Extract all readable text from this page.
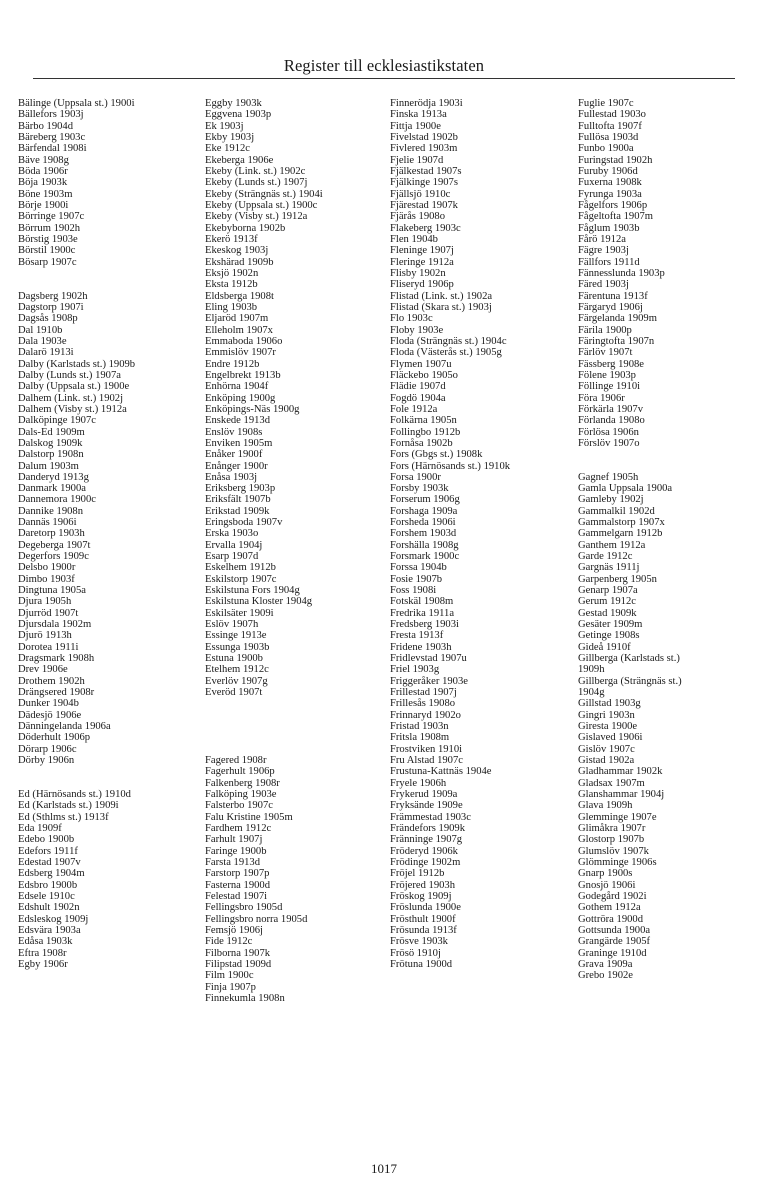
Register till ecklesiastikstaten
Bälinge (Uppsala st.) 1900i
Bällefors 1903j
Bärbo 1904d
Bäreberg 1903c
Bärfendal 1908i
Bäve 1908g
Böda 1906r
Böja 1903k
Böne 1903m
Börje 1900i
Börringe 1907c
Börrum 1902h
Börstig 1903e
Börstil 1900c
Bösarp 1907c
Dagsberg 1902h
Dagstorp 1907i
Dagsås 1908p
Dal 1910b
Dala 1903e
Dalarö 1913i
Dalby (Karlstads st.) 1909b
Dalby (Lunds st.) 1907a
Dalby (Uppsala st.) 1900e
Dalhem (Link. st.) 1902j
Dalhem (Visby st.) 1912a
Dalköpinge 1907c
Dals-Ed 1909m
Dalskog 1909k
Dalstorp 1908n
Dalum 1903m
Danderyd 1913g
Danmark 1900a
Dannemora 1900c
Dannike 1908n
Dannäs 1906i
Daretorp 1903h
Degeberga 1907t
Degerfors 1909c
Delsbo 1900r
Dimbo 1903f
Dingtuna 1905a
Djura 1905h
Djurröd 1907t
Djursdala 1902m
Djurö 1913h
Dorotea 1911i
Dragsmark 1908h
Drev 1906e
Drothem 1902h
Drängsered 1908r
Dunker 1904b
Dädesjö 1906e
Dänningelanda 1906a
Döderhult 1906p
Dörarp 1906c
Dörby 1906n
Ed (Härnösands st.) 1910d
Ed (Karlstads st.) 1909i
Ed (Sthlms st.) 1913f
Eda 1909f
Edebo 1900b
Edefors 1911f
Edestad 1907v
Edsberg 1904m
Edsbro 1900b
Edsele 1910c
Edshult 1902n
Edsleskog 1909j
Edsvära 1903a
Edåsa 1903k
Eftra 1908r
Egby 1906r
Eggby 1903k
Eggvena 1903p
Ek 1903j
Ekby 1903j
Eke 1912c
Ekeberga 1906e
Ekeby (Link. st.) 1902c
Ekeby (Lunds st.) 1907j
Ekeby (Strängnäs st.) 1904i
Ekeby (Uppsala st.) 1900c
Ekeby (Visby st.) 1912a
Ekebyborna 1902b
Ekerö 1913f
Ekeskog 1903j
Ekshärad 1909b
Eksjö 1902n
Eksta 1912b
Eldsberga 1908t
Eling 1903b
Eljaröd 1907m
Elleholm 1907x
Emmaboda 1906o
Emmislöv 1907r
Endre 1912b
Engelbrekt 1913b
Enhörna 1904f
Enköping 1900g
Enköpings-Näs 1900g
Enskede 1913d
Enslöv 1908s
Enviken 1905m
Enåker 1900f
Enånger 1900r
Enåsa 1903j
Eriksberg 1903p
Eriksfält 1907b
Erikstad 1909k
Eringsboda 1907v
Erska 1903o
Ervalla 1904j
Esarp 1907d
Eskelhem 1912b
Eskilstorp 1907c
Eskilstuna Fors 1904g
Eskilstuna Kloster 1904g
Eskilsäter 1909i
Eslöv 1907h
Essinge 1913e
Essunga 1903b
Estuna 1900b
Etelhem 1912c
Everlöv 1907g
Everöd 1907t
Fagered 1908r
Fagerhult 1906p
Falkenberg 1908r
Falköping 1903e
Falsterbo 1907c
Falu Kristine 1905m
Fardhem 1912c
Farhult 1907j
Faringe 1900b
Farsta 1913d
Farstorp 1907p
Fasterna 1900d
Felestad 1907i
Fellingsbro 1905d
Fellingsbro norra 1905d
Femsjö 1906j
Fide 1912c
Filborna 1907k
Filipstad 1909d
Film 1900c
Finja 1907p
Finnekumla 1908n
Finnerödja 1903i
Finska 1913a
Fittja 1900e
Fivelstad 1902b
Fivlered 1903m
Fjelie 1907d
Fjälkestad 1907s
Fjälkinge 1907s
Fjällsjö 1910c
Fjärestad 1907k
Fjärås 1908o
Flakeberg 1903c
Flen 1904b
Fleninge 1907j
Fleringe 1912a
Flisby 1902n
Fliseryd 1906p
Flistad (Link. st.) 1902a
Flistad (Skara st.) 1903j
Flo 1903c
Floby 1903e
Floda (Strängnäs st.) 1904c
Floda (Västerås st.) 1905g
Flymen 1907u
Fläckebo 1905o
Flädie 1907d
Fogdö 1904a
Fole 1912a
Folkärna 1905n
Follingbo 1912b
Fornåsa 1902b
Fors (Gbgs st.) 1908k
Fors (Härnösands st.) 1910k
Forsa 1900r
Forsby 1903k
Forserum 1906g
Forshaga 1909a
Forsheda 1906i
Forshem 1903d
Forshälla 1908g
Forsmark 1900c
Forssa 1904b
Fosie 1907b
Foss 1908i
Fotskäl 1908m
Fredrika 1911a
Fredsberg 1903i
Fresta 1913f
Fridene 1903h
Fridlevstad 1907u
Friel 1903g
Friggeråker 1903e
Frillestad 1907j
Frillesås 1908o
Frinnaryd 1902o
Fristad 1903n
Fritsla 1908m
Frostviken 1910i
Fru Alstad 1907c
Frustuna-Kattnäs 1904e
Fryele 1906h
Frykerud 1909a
Fryksände 1909e
Främmestad 1903c
Frändefors 1909k
Fränninge 1907g
Fröderyd 1906k
Frödinge 1902m
Fröjel 1912b
Fröjered 1903h
Fröskog 1909j
Fröslunda 1900e
Frösthult 1900f
Frösunda 1913f
Frösve 1903k
Frösö 1910j
Frötuna 1900d
Fuglie 1907c
Fullestad 1903o
Fulltofta 1907f
Fullösa 1903d
Funbo 1900a
Furingstad 1902h
Furuby 1906d
Fuxerna 1908k
Fyrunga 1903a
Fågelfors 1906p
Fågeltofta 1907m
Fåglum 1903b
Fårö 1912a
Fägre 1903j
Fällfors 1911d
Fännesslunda 1903p
Färed 1903j
Färentuna 1913f
Färgaryd 1906j
Färgelanda 1909m
Färila 1900p
Färingtofta 1907n
Färlöv 1907t
Fässberg 1908e
Fölene 1903p
Föllinge 1910i
Föra 1906r
Förkärla 1907v
Förlanda 1908o
Förlösa 1906n
Förslöv 1907o
Gagnef 1905h
Gamla Uppsala 1900a
Gamleby 1902j
Gammalkil 1902d
Gammalstorp 1907x
Gammelgarn 1912b
Ganthem 1912a
Garde 1912c
Gargnäs 1911j
Garpenberg 1905n
Genarp 1907a
Gerum 1912c
Gestad 1909k
Gesäter 1909m
Getinge 1908s
Gideå 1910f
Gillberga (Karlstads st.)
1909h
Gillberga (Strängnäs st.)
1904g
Gillstad 1903g
Gingri 1903n
Giresta 1900e
Gislaved 1906i
Gislöv 1907c
Gistad 1902a
Gladhammar 1902k
Gladsax 1907m
Glanshammar 1904j
Glava 1909h
Glemminge 1907e
Glimåkra 1907r
Glostorp 1907b
Glumslöv 1907k
Glömminge 1906s
Gnarp 1900s
Gnosjö 1906i
Godegård 1902i
Gothem 1912a
Gottröra 1900d
Gottsunda 1900a
Grangärde 1905f
Graninge 1910d
Grava 1909a
Grebo 1902e
1017
